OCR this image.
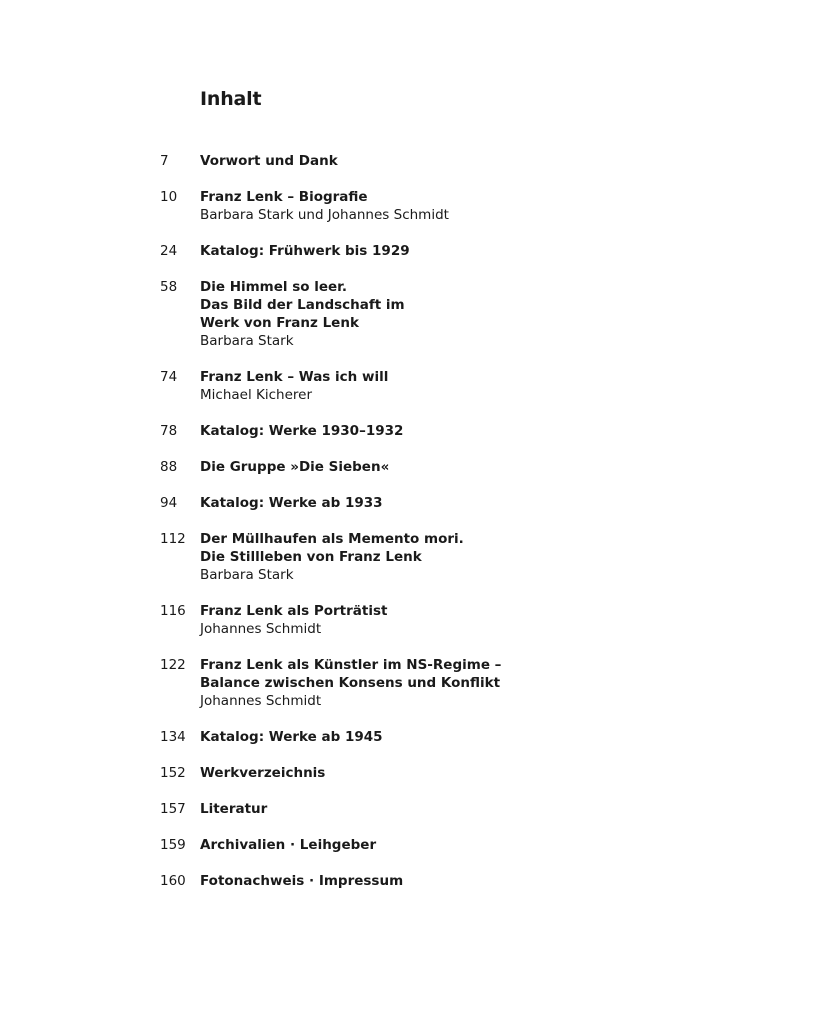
Inhalt
7 Vorwort und Dank
10 Franz Lenk – Biografie
Barbara Stark und Johannes Schmidt
24 Katalog: Frühwerk bis 1929
58 Die Himmel so leer.
Das Bild der Landschaft im
Werk von Franz Lenk
Barbara Stark
74 Franz Lenk – Was ich will
Michael Kicherer
78 Katalog: Werke 1930–1932
88 Die Gruppe »Die Sieben«
94 Katalog: Werke ab 1933
112 Der Müllhaufen als Memento mori.
Die Stillleben von Franz Lenk
Barbara Stark
116 Franz Lenk als Porträtist
Johannes Schmidt
122 Franz Lenk als Künstler im NS-Regime –
Balance zwischen Konsens und Konflikt
Johannes Schmidt
134 Katalog: Werke ab 1945
152 Werkverzeichnis
157 Literatur
159 Archivalien · Leihgeber
160 Fotonachweis · Impressum
